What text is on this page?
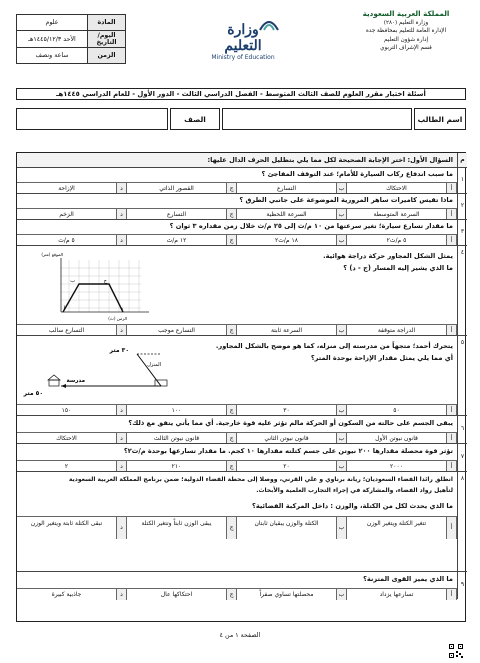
المادة	علوم
اليوم/التاريخ	الأحد ١٤٤٥/١٢/٣هـ
الزمن	ساعة ونصف
وزارة التعليم
Ministry of Education
المملكة العربية السعودية
وزارة التعليم (٢٨٠)
الإدارة العامة للتعليم بمحافظة جدة
إدارة شؤون التعليم
قسم الإشراف التربوي
أسئلة اختبار مقرر العلوم للصف الثالث المتوسط - الفصل الدراسي الثالث - الدور الأول - للعام الدراسي ١٤٤٥هـ
اسم الطالب
الصف
م
السؤال الأول: اختر الإجابة الصحيحة لكل مما يلي بتظليل الحرف الدال عليها:
١
ما سبب اندفاع ركاب السيارة للأمام؛ عند التوقف المفاجئ ؟
أ
الاحتكاك
ب
التسارع
ج
القصور الذاتي
د
الإزاحة
٢
ماذا تقيس كاميرات ساهر المرورية الموضوعة على جانبي الطرق ؟
أ
السرعة المتوسطة
ب
السرعة اللحظية
ج
التسارع
د
الزخم
٣
ما مقدار تسارع سيارة؛ تغير سرعتها من ١٠ م/ث إلى ٢٥ م/ث خلال زمن مقداره ٣ ثوان ؟
أ
٥ م/ث٢
ب
١٨ م/ث٢
ج
١٢ م/ث
د
٥ م/ث
٤
يمثل الشكل المجاور حركة دراجة هوائية.
ما الذي يشير إليه المسار (ج - د) ؟
ب	ج
أ	د
الموقع (متر)
الزمن (ث)
أ
الدراجة متوقفة
ب
السرعة ثابتة
ج
التسارع موجب
د
التسارع سالب
٥
يتحرك أحمد؛ متجهاً من مدرسته إلى منزله، كما هو موضح بالشكل المجاور.
أي مما يلي يمثل مقدار الإزاحة بوحدة المتر؟
٣٠ متر
٥٠ متر
مدرسة
المنزل
أ
٥٠
ب
٣٠
ج
١٠٠
د
١٥٠
٦
يبقى الجسم على حالته من السكون أو الحركة مالم تؤثر عليه قوة خارجية. أي مما يأتي يتفق مع ذلك؟
أ
قانون نيوتن الأول
ب
قانون نيوتن الثاني
ج
قانون نيوتن الثالث
د
الاحتكاك
٧
تؤثر قوة محصلة مقدارها ٢٠٠ نيوتن على جسم كتلته مقدارها ١٠ كجم. ما مقدار تسارعها بوحدة م/ث٢؟
أ
٢٠٠٠
ب
٢٠
ج
٢١٠
د
٢
٨
انطلق رائدا الفضاء السعوديان؛ ريانة برناوي و علي القرني، ووصلا إلى محطة الفضاء الدولية؛ ضمن برنامج المملكة العربية السعودية
لتأهيل رواد الفضاء، والمشاركة في إجراء التجارب العلمية والأبحاث.
ما الذي يحدث لكل من الكتلة، والوزن : داخل المركبة الفضائية؟
أ
تتغير الكتلة ويتغير الوزن
ب
الكتلة والوزن يبقيان ثابتان
ج
يبقى الوزن ثابتاً وتتغير الكتلة
د
تبقى الكتلة ثابتة ويتغير الوزن
٩
ما الذي يميز القوى المتزنة؟
أ
تسارعها يزداد
ب
محصلتها تساوي صفراً
ج
احتكاكها عال
د
جاذبية كبيرة
الصفحة ١ من ٤
